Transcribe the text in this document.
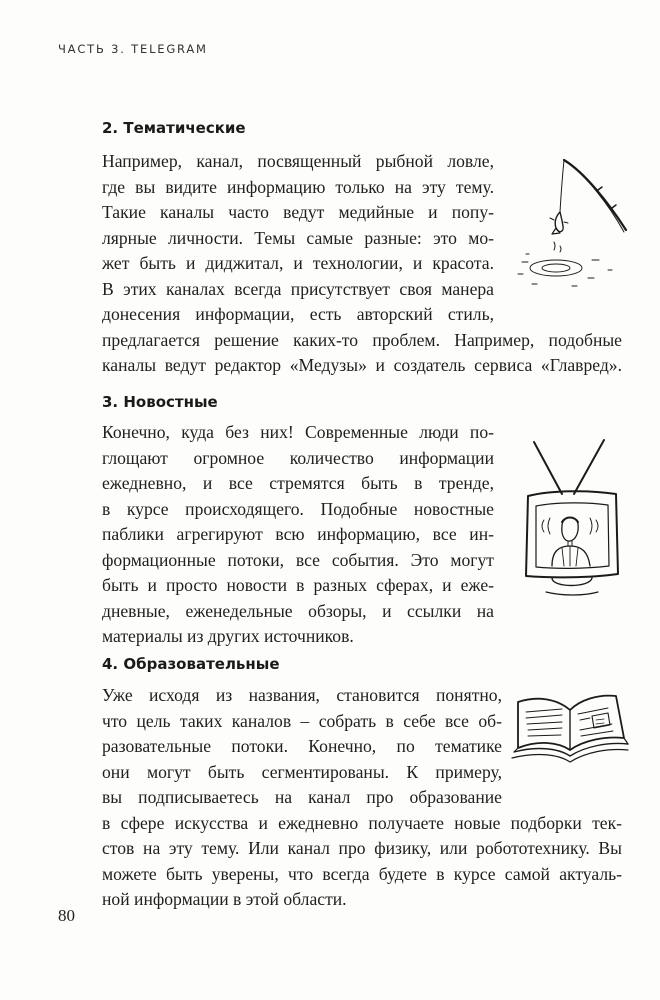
ЧАСТЬ 3. TELEGRAM
2. Тематические
Например, канал, посвященный рыбной ловле,
где вы видите информацию только на эту тему.
Такие каналы часто ведут медийные и попу-
лярные личности. Темы самые разные: это мо-
жет быть и диджитал, и технологии, и красота.
В этих каналах всегда присутствует своя манера
донесения информации, есть авторский стиль,
предлагается решение каких-то проблем. Например, подобные
каналы ведут редактор «Медузы» и создатель сервиса «Главред».
3. Новостные
Конечно, куда без них! Современные люди по-
глощают огромное количество информации
ежедневно, и все стремятся быть в тренде,
в курсе происходящего. Подобные новостные
паблики агрегируют всю информацию, все ин-
формационные потоки, все события. Это могут
быть и просто новости в разных сферах, и еже-
дневные, еженедельные обзоры, и ссылки на
материалы из других источников.
4. Образовательные
Уже исходя из названия, становится понятно,
что цель таких каналов – собрать в себе все об-
разовательные потоки. Конечно, по тематике
они могут быть сегментированы. К примеру,
вы подписываетесь на канал про образование
в сфере искусства и ежедневно получаете новые подборки тек-
стов на эту тему. Или канал про физику, или робототехнику. Вы
можете быть уверены, что всегда будете в курсе самой актуаль-
ной информации в этой области.
80
